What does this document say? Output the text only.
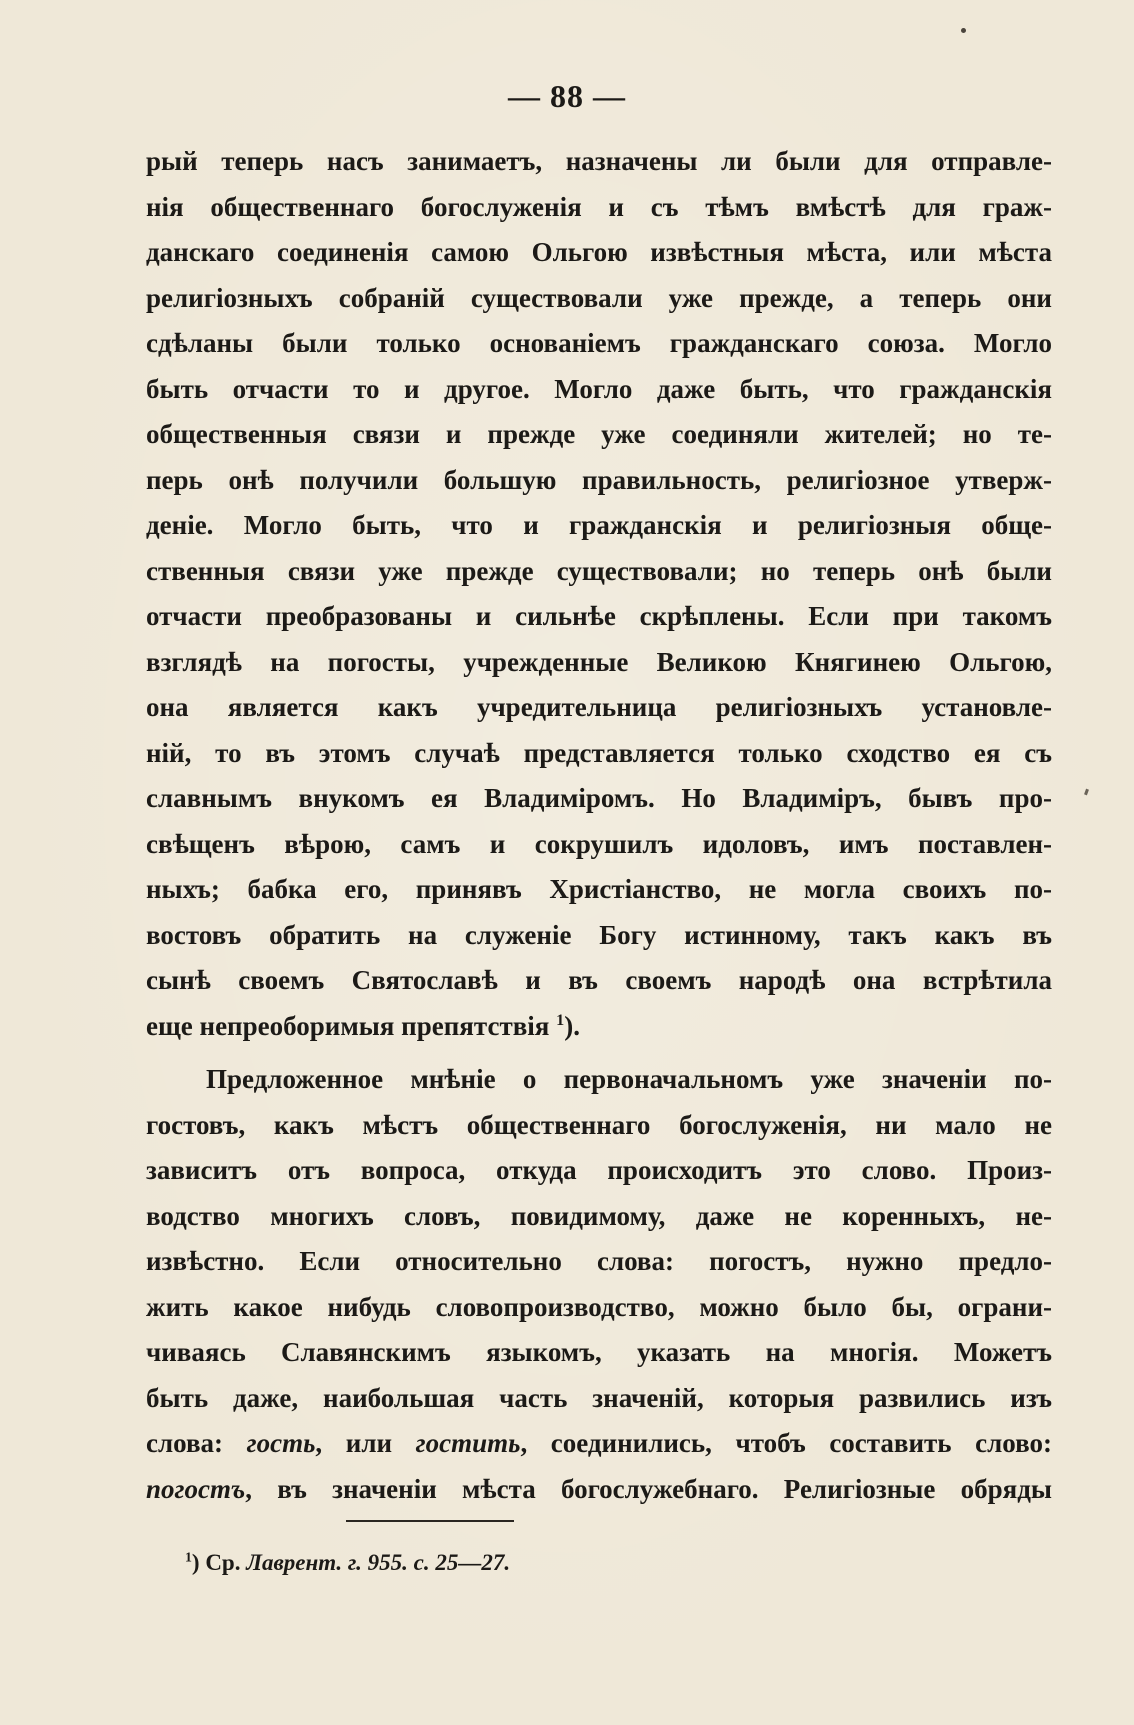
— 88 —
рый теперь насъ занимаетъ, назначены ли были для отправле-
нія общественнаго богослуженія и съ тѣмъ вмѣстѣ для граж-
данскаго соединенія самою Ольгою извѣстныя мѣста, или мѣста
религіозныхъ собраній существовали уже прежде, а теперь они
сдѣланы были только основаніемъ гражданскаго союза. Могло
быть отчасти то и другое. Могло даже быть, что гражданскія
общественныя связи и прежде уже соединяли жителей; но те-
перь онѣ получили большую правильность, религіозное утверж-
деніе. Могло быть, что и гражданскія и религіозныя обще-
ственныя связи уже прежде существовали; но теперь онѣ были
отчасти преобразованы и сильнѣе скрѣплены. Если при такомъ
взглядѣ на погосты, учрежденные Великою Княгинею Ольгою,
она является какъ учредительница религіозныхъ установле-
ній, то въ этомъ случаѣ представляется только сходство ея съ
славнымъ внукомъ ея Владиміромъ. Но Владиміръ, бывъ про-
свѣщенъ вѣрою, самъ и сокрушилъ идоловъ, имъ поставлен-
ныхъ; бабка его, принявъ Христіанство, не могла своихъ по-
востовъ обратить на служеніе Богу истинному, такъ какъ въ
сынѣ своемъ Святославѣ и въ своемъ народѣ она встрѣтила
еще непреоборимыя препятствія $^1$).
Предложенное мнѣніе о первоначальномъ уже значеніи по-
гостовъ, какъ мѣстъ общественнаго богослуженія, ни мало не
зависитъ отъ вопроса, откуда происходитъ это слово. Произ-
водство многихъ словъ, повидимому, даже не коренныхъ, не-
извѣстно. Если относительно слова: погостъ, нужно предло-
жить какое нибудь словопроизводство, можно было бы, ограни-
чиваясь Славянскимъ языкомъ, указать на многія. Можетъ
быть даже, наибольшая часть значеній, которыя развились изъ
слова: гость, или гостить, соединились, чтобъ составить слово:
погостъ, въ значеніи мѣста богослужебнаго. Религіозные обряды
$^1$) Ср. Лаврент. г. 955. с. 25—27.
